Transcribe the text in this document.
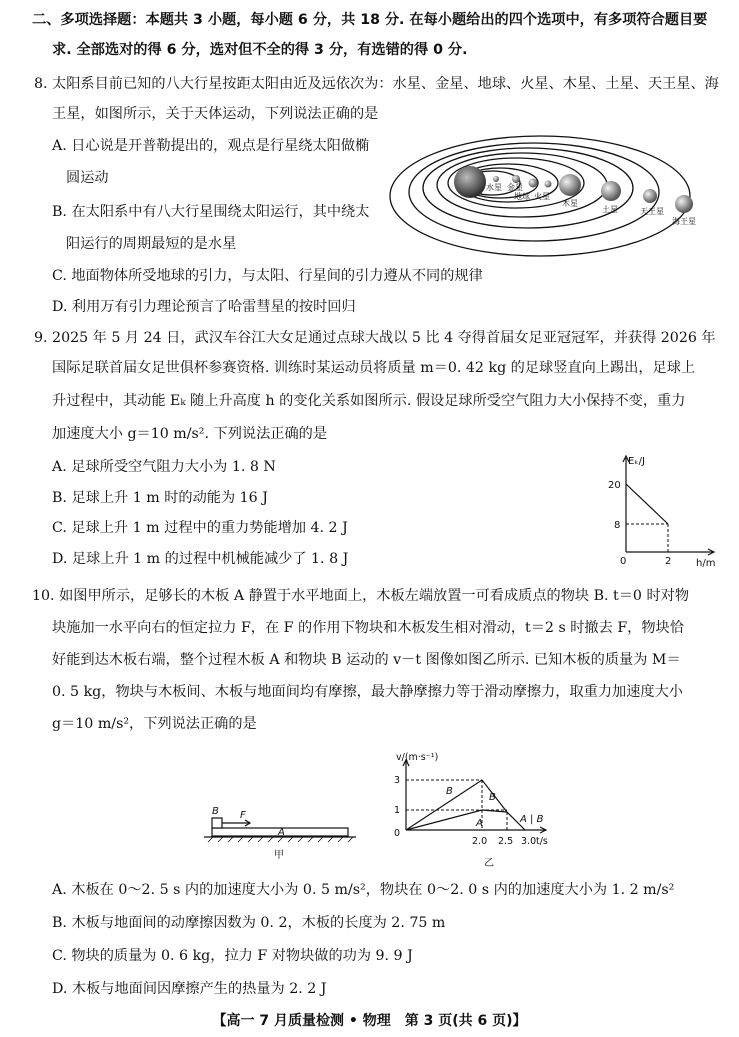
二、多项选择题：本题共 3 小题，每小题 6 分，共 18 分. 在每小题给出的四个选项中，有多项符合题目要
求. 全部选对的得 6 分，选对但不全的得 3 分，有选错的得 0 分.
8. 太阳系目前已知的八大行星按距太阳由近及远依次为：水星、金星、地球、火星、木星、土星、天王星、海
王星，如图所示，关于天体运动，下列说法正确的是
A. 日心说是开普勒提出的，观点是行星绕太阳做椭
圆运动
B. 在太阳系中有八大行星围绕太阳运行，其中绕太
阳运行的周期最短的是水星
C. 地面物体所受地球的引力，与太阳、行星间的引力遵从不同的规律
D. 利用万有引力理论预言了哈雷彗星的按时回归
水星 金星
地球 火星
木星
土星	天王星
海王星
9. 2025 年 5 月 24 日，武汉车谷江大女足通过点球大战以 5 比 4 夺得首届女足亚冠冠军，并获得 2026 年
国际足联首届女足世俱杯参赛资格. 训练时某运动员将质量 m＝0. 42 kg 的足球竖直向上踢出，足球上
升过程中，其动能 Eₖ 随上升高度 h 的变化关系如图所示. 假设足球所受空气阻力大小保持不变，重力
加速度大小 g＝10 m/s². 下列说法正确的是
A. 足球所受空气阻力大小为 1. 8 N
B. 足球上升 1 m 时的动能为 16 J
C. 足球上升 1 m 过程中的重力势能增加 4. 2 J
D. 足球上升 1 m 的过程中机械能减少了 1. 8 J
Eₖ/J
20
8
0	2 h/m
10. 如图甲所示，足够长的木板 A 静置于水平地面上，木板左端放置一可看成质点的物块 B. t＝0 时对物
块施加一水平向右的恒定拉力 F，在 F 的作用下物块和木板发生相对滑动，t＝2 s 时撤去 F，物块恰
好能到达木板右端，整个过程木板 A 和物块 B 运动的 v－t 图像如图乙所示. 已知木板的质量为 M＝
0. 5 kg，物块与木板间、木板与地面间均有摩擦，最大静摩擦力等于滑动摩擦力，取重力加速度大小
g＝10 m/s²，下列说法正确的是
B F
A
甲
v/(m·s⁻¹)
3
1
0
2.0 2.5 3.0 t/s
B
B
A	A | B
乙
A. 木板在 0～2. 5 s 内的加速度大小为 0. 5 m/s²，物块在 0～2. 0 s 内的加速度大小为 1. 2 m/s²
B. 木板与地面间的动摩擦因数为 0. 2，木板的长度为 2. 75 m
C. 物块的质量为 0. 6 kg，拉力 F 对物块做的功为 9. 9 J
D. 木板与地面间因摩擦产生的热量为 2. 2 J
【高一 7 月质量检测 • 物理　第 3 页(共 6 页)】
